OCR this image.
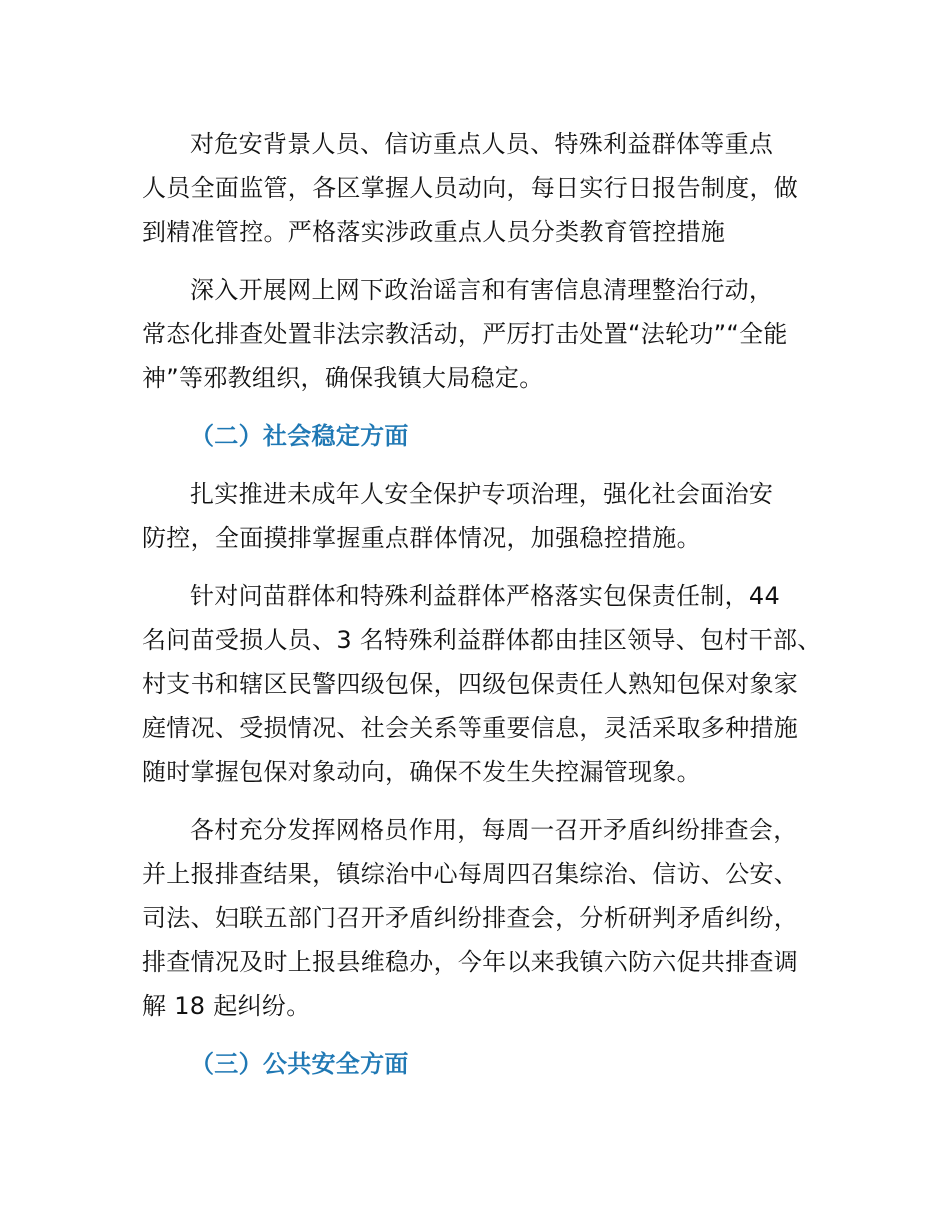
对危安背景人员、信访重点人员、特殊利益群体等重点
人员全面监管，各区掌握人员动向，每日实行日报告制度，做
到精准管控。严格落实涉政重点人员分类教育管控措施

深入开展网上网下政治谣言和有害信息清理整治行动，
常态化排查处置非法宗教活动，严厉打击处置“法轮功”“全能
神”等邪教组织，确保我镇大局稳定。

（二）社会稳定方面

扎实推进未成年人安全保护专项治理，强化社会面治安
防控，全面摸排掌握重点群体情况，加强稳控措施。

针对问苗群体和特殊利益群体严格落实包保责任制，44
名问苗受损人员、3 名特殊利益群体都由挂区领导、包村干部、
村支书和辖区民警四级包保，四级包保责任人熟知包保对象家
庭情况、受损情况、社会关系等重要信息，灵活采取多种措施
随时掌握包保对象动向，确保不发生失控漏管现象。

各村充分发挥网格员作用，每周一召开矛盾纠纷排查会，
并上报排查结果，镇综治中心每周四召集综治、信访、公安、
司法、妇联五部门召开矛盾纠纷排查会，分析研判矛盾纠纷，
排查情况及时上报县维稳办，今年以来我镇六防六促共排查调
解 18 起纠纷。

（三）公共安全方面
